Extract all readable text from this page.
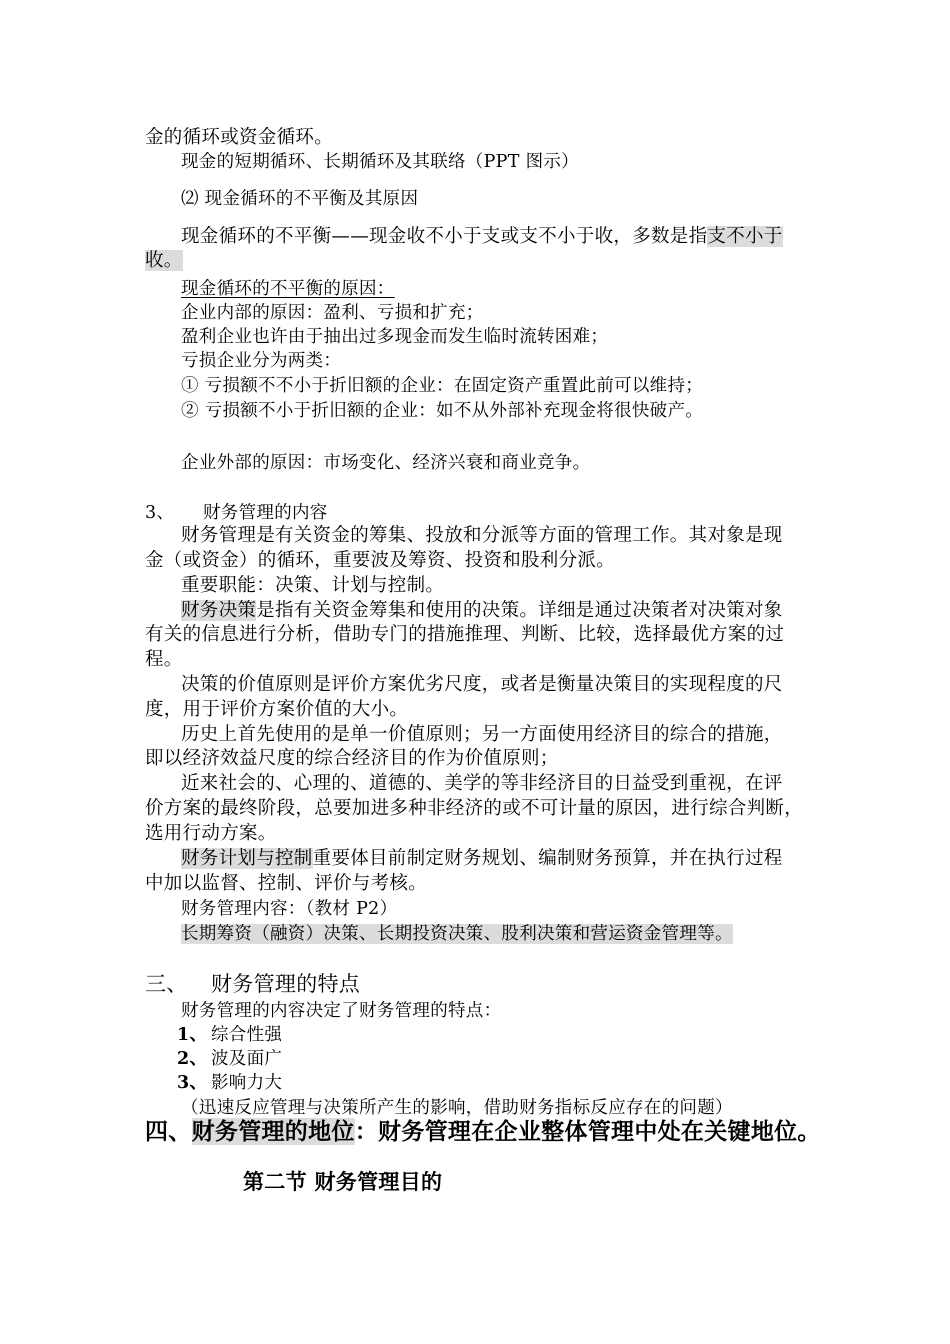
金的循环或资金循环。
现金的短期循环、长期循环及其联络（PPT 图示）
⑵ 现金循环的不平衡及其原因
现金循环的不平衡——现金收不小于支或支不小于收，多数是指支不小于
收。
现金循环的不平衡的原因：
企业内部的原因：盈利、亏损和扩充；
盈利企业也许由于抽出过多现金而发生临时流转困难；
亏损企业分为两类：
① 亏损额不不小于折旧额的企业：在固定资产重置此前可以维持；
② 亏损额不小于折旧额的企业：如不从外部补充现金将很快破产。
企业外部的原因：市场变化、经济兴衰和商业竞争。
3、 财务管理的内容
财务管理是有关资金的筹集、投放和分派等方面的管理工作。其对象是现
金（或资金）的循环，重要波及筹资、投资和股利分派。
重要职能：决策、计划与控制。
财务决策是指有关资金筹集和使用的决策。详细是通过决策者对决策对象
有关的信息进行分析，借助专门的措施推理、判断、比较，选择最优方案的过
程。
决策的价值原则是评价方案优劣尺度，或者是衡量决策目的实现程度的尺
度，用于评价方案价值的大小。
历史上首先使用的是单一价值原则；另一方面使用经济目的综合的措施，
即以经济效益尺度的综合经济目的作为价值原则；
近来社会的、心理的、道德的、美学的等非经济目的日益受到重视，在评
价方案的最终阶段，总要加进多种非经济的或不可计量的原因，进行综合判断，
选用行动方案。
财务计划与控制重要体目前制定财务规划、编制财务预算，并在执行过程
中加以监督、控制、评价与考核。
财务管理内容：（教材 P2）
长期筹资（融资）决策、长期投资决策、股利决策和营运资金管理等。
三、 财务管理的特点
财务管理的内容决定了财务管理的特点：
1、 综合性强
2、 波及面广
3、 影响力大
（迅速反应管理与决策所产生的影响，借助财务指标反应存在的问题）
四、财务管理的地位：财务管理在企业整体管理中处在关键地位。
第二节 财务管理目的
